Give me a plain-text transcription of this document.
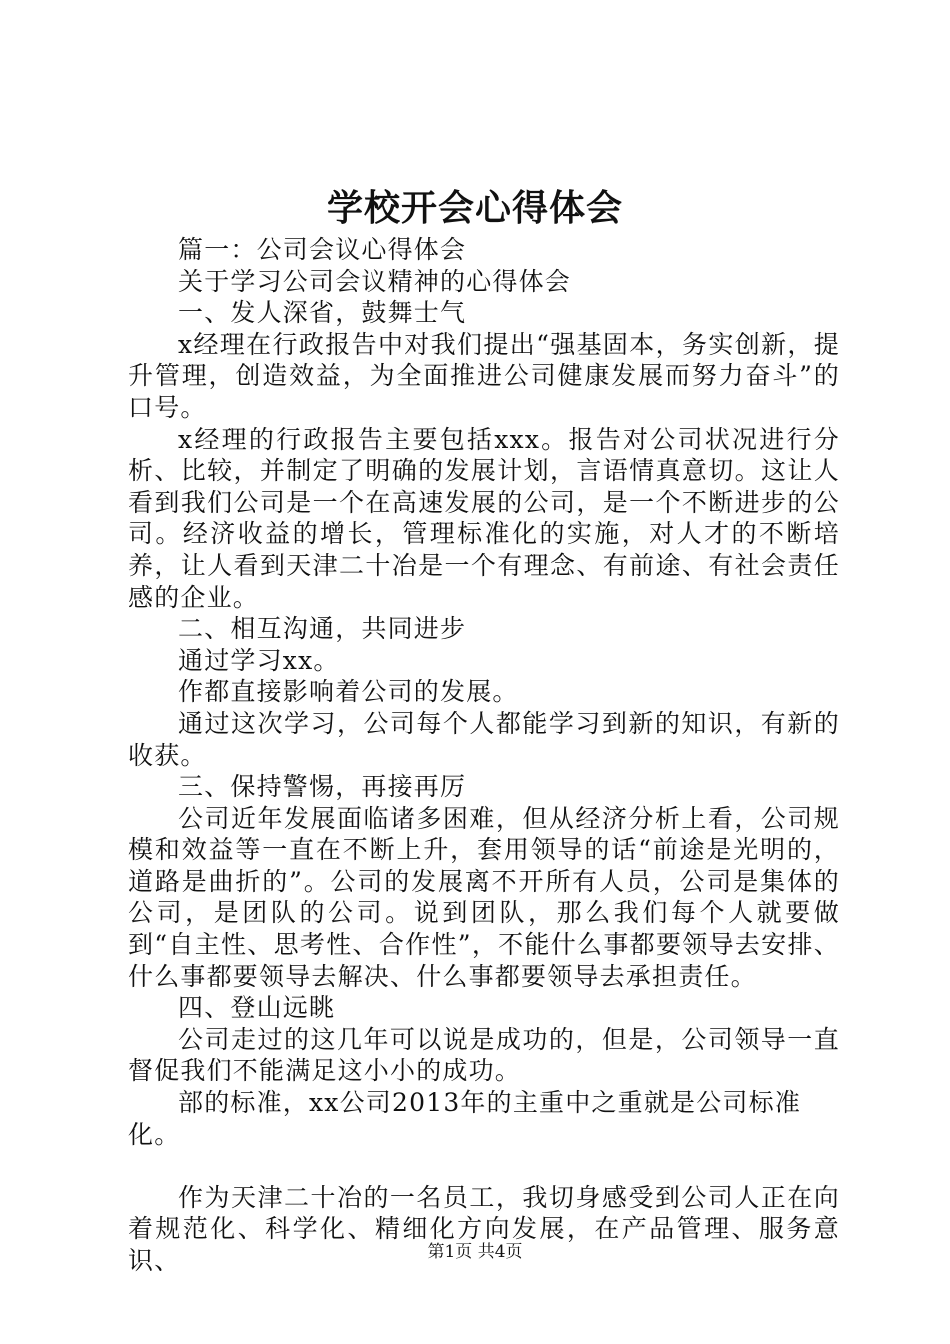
学校开会心得体会

篇一：公司会议心得体会

关于学习公司会议精神的心得体会

一、发人深省，鼓舞士气

x经理在行政报告中对我们提出“强基固本，务实创新，提升管理，创造效益，为全面推进公司健康发展而努力奋斗”的口号。

x经理的行政报告主要包括xxx。报告对公司状况进行分析、比较，并制定了明确的发展计划，言语情真意切。这让人看到我们公司是一个在高速发展的公司，是一个不断进步的公司。经济收益的增长，管理标准化的实施，对人才的不断培养，让人看到天津二十冶是一个有理念、有前途、有社会责任感的企业。

二、相互沟通，共同进步

通过学习xx。

作都直接影响着公司的发展。

通过这次学习，公司每个人都能学习到新的知识，有新的收获。

三、保持警惕，再接再厉

公司近年发展面临诸多困难，但从经济分析上看，公司规模和效益等一直在不断上升，套用领导的话“前途是光明的，道路是曲折的”。公司的发展离不开所有人员，公司是集体的公司，是团队的公司。说到团队，那么我们每个人就要做到“自主性、思考性、合作性”，不能什么事都要领导去安排、什么事都要领导去解决、什么事都要领导去承担责任。

四、登山远眺

公司走过的这几年可以说是成功的，但是，公司领导一直督促我们不能满足这小小的成功。

部的标准，xx公司2013年的主重中之重就是公司标准化。

作为天津二十冶的一名员工，我切身感受到公司人正在向着规范化、科学化、精细化方向发展，在产品管理、服务意识、	第1页 共4页
